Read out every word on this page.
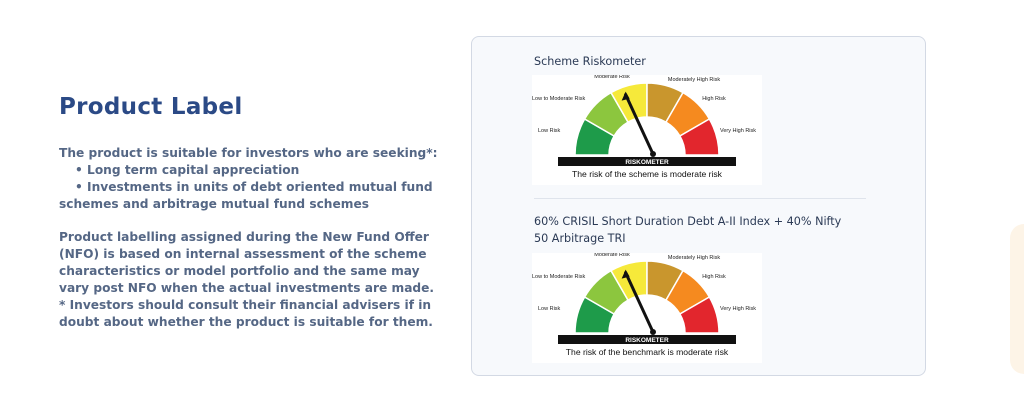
Product Label
The product is suitable for investors who are seeking*:
• Long term capital appreciation
• Investments in units of debt oriented mutual fund schemes and arbitrage mutual fund schemes
Product labelling assigned during the New Fund Offer (NFO) is based on internal assessment of the scheme characteristics or model portfolio and the same may vary post NFO when the actual investments are made.
* Investors should consult their financial advisers if in doubt about whether the product is suitable for them.
Scheme Riskometer
Low Risk
Low to Moderate Risk
Moderate Risk	Moderately High Risk
High Risk
Very High Risk
RISKOMETER
The risk of the scheme is moderate risk
60% CRISIL Short Duration Debt A-II Index + 40% Nifty 50 Arbitrage TRI
Low Risk
Low to Moderate Risk
Moderate Risk	Moderately High Risk
High Risk
Very High Risk
RISKOMETER
The risk of the benchmark is moderate risk
